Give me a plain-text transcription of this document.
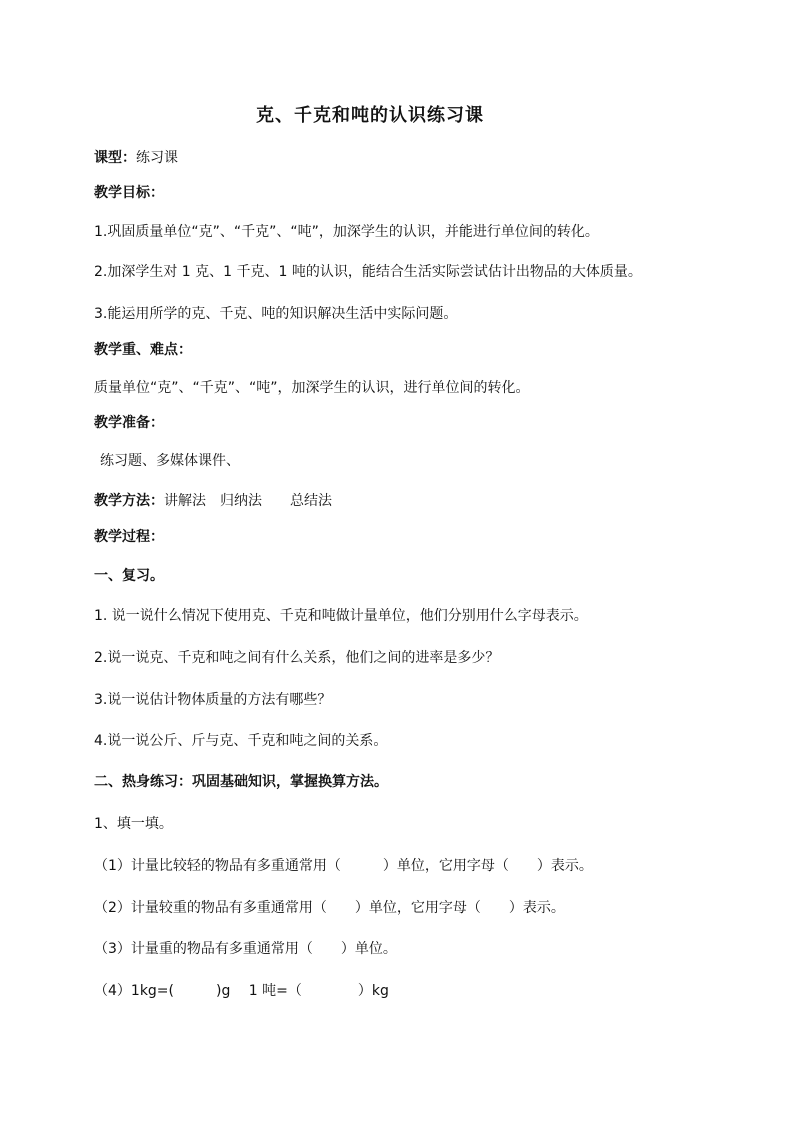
克、千克和吨的认识练习课
课型：练习课
教学目标：
1.巩固质量单位“克”、“千克”、“吨”，加深学生的认识，并能进行单位间的转化。
2.加深学生对 1 克、1 千克、1 吨的认识，能结合生活实际尝试估计出物品的大体质量。
3.能运用所学的克、千克、吨的知识解决生活中实际问题。
教学重、难点：
质量单位“克”、“千克”、“吨”，加深学生的认识，进行单位间的转化。
教学准备：
练习题、多媒体课件、
教学方法：讲解法　归纳法　　总结法
教学过程：
一、复习。
1. 说一说什么情况下使用克、千克和吨做计量单位，他们分别用什么字母表示。
2.说一说克、千克和吨之间有什么关系，他们之间的进率是多少？
3.说一说估计物体质量的方法有哪些？
4.说一说公斤、斤与克、千克和吨之间的关系。
二、热身练习：巩固基础知识，掌握换算方法。
1、填一填。
（1）计量比较轻的物品有多重通常用（　　　）单位，它用字母（　　）表示。
（2）计量较重的物品有多重通常用（　　）单位，它用字母（　　）表示。
（3）计量重的物品有多重通常用（　　）单位。
（4）1kg=(　　　)g　 1 吨=（　　　　）kg
